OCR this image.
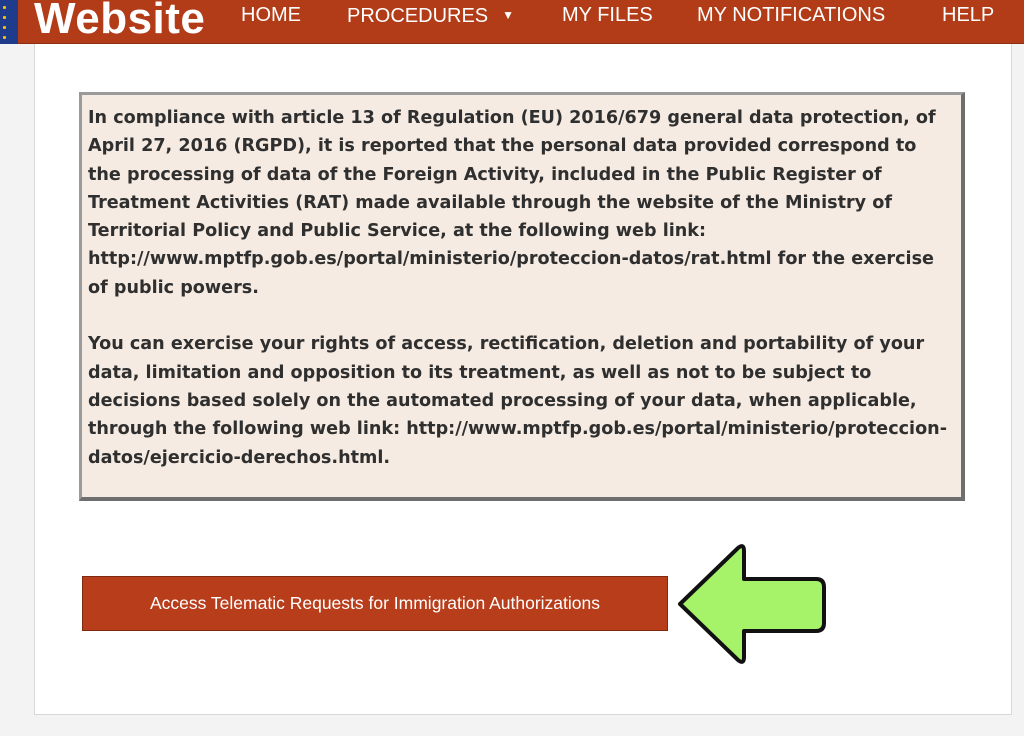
Website	HOME PROCEDURES ▼ MY FILES MY NOTIFICATIONS	HELP

In compliance with article 13 of Regulation (EU) 2016/679 general data protection, of April 27, 2016 (RGPD), it is reported that the personal data provided correspond to the processing of data of the Foreign Activity, included in the Public Register of Treatment Activities (RAT) made available through the website of the Ministry of Territorial Policy and Public Service, at the following web link: http://www.mptfp.gob.es/portal/ministerio/proteccion-datos/rat.html for the exercise of public powers.

You can exercise your rights of access, rectification, deletion and portability of your data, limitation and opposition to its treatment, as well as not to be subject to decisions based solely on the automated processing of your data, when applicable, through the following web link: http://www.mptfp.gob.es/portal/ministerio/proteccion-datos/ejercicio-derechos.html.

Access Telematic Requests for Immigration Authorizations
